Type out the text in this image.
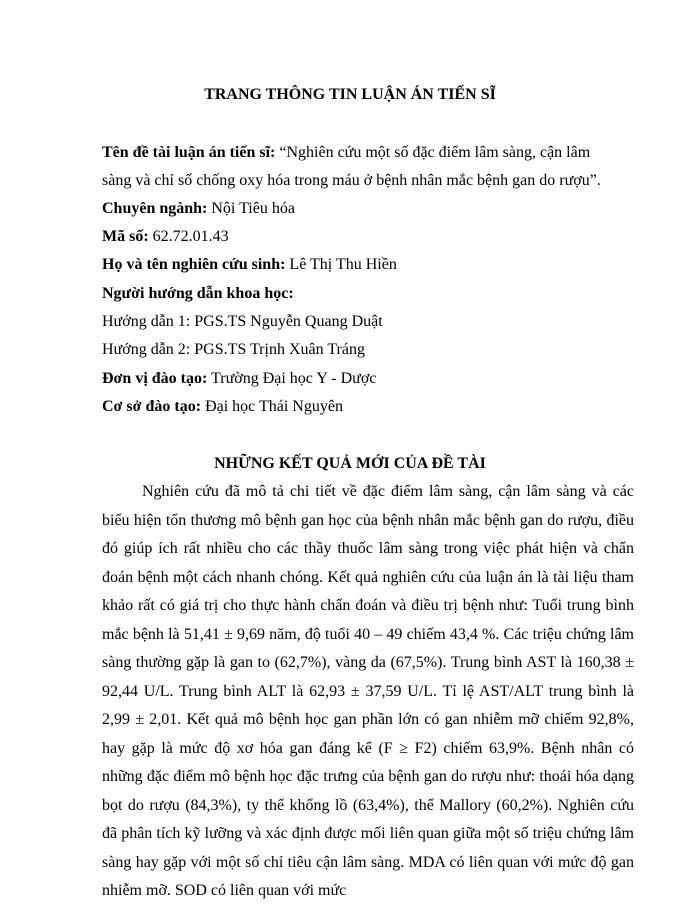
TRANG THÔNG TIN LUẬN ÁN TIẾN SĨ
Tên đề tài luận án tiến sĩ: “Nghiên cứu một số đặc điểm lâm sàng, cận lâm
sàng và chỉ số chống oxy hóa trong máu ở bệnh nhân mắc bệnh gan do rượu”.
Chuyên ngành: Nội Tiêu hóa
Mã số: 62.72.01.43
Họ và tên nghiên cứu sinh: Lê Thị Thu Hiền
Người hướng dẫn khoa học:
Hướng dẫn 1: PGS.TS Nguyễn Quang Duật
Hướng dẫn 2: PGS.TS Trịnh Xuân Tráng
Đơn vị đào tạo: Trường Đại học Y - Dược
Cơ sở đào tạo: Đại học Thái Nguyên
NHỮNG KẾT QUẢ MỚI CỦA ĐỀ TÀI
Nghiên cứu đã mô tả chi tiết về đặc điểm lâm sàng, cận lâm sàng và các biểu hiện tổn thương mô bệnh gan học của bệnh nhân mắc bệnh gan do rượu, điều đó giúp ích rất nhiều cho các thầy thuốc lâm sàng trong việc phát hiện và chẩn đoán bệnh một cách nhanh chóng. Kết quả nghiên cứu của luận án là tài liệu tham khảo rất có giá trị cho thực hành chẩn đoán và điều trị bệnh như: Tuổi trung bình mắc bệnh là 51,41 ± 9,69 năm, độ tuổi 40 – 49 chiếm 43,4 %. Các triệu chứng lâm sàng thường gặp là gan to (62,7%), vàng da (67,5%). Trung bình AST là 160,38 ± 92,44 U/L. Trung bình ALT là 62,93 ± 37,59 U/L. Tỉ lệ AST/ALT trung bình là 2,99 ± 2,01. Kết quả mô bệnh học gan phần lớn có gan nhiễm mỡ chiếm 92,8%, hay gặp là mức độ xơ hóa gan đáng kể (F ≥ F2) chiếm 63,9%. Bệnh nhân có những đặc điểm mô bệnh học đặc trưng của bệnh gan do rượu như: thoái hóa dạng bọt do rượu (84,3%), ty thể khổng lồ (63,4%), thể Mallory (60,2%). Nghiên cứu đã phân tích kỹ lưỡng và xác định được mối liên quan giữa một số triệu chứng lâm sàng hay gặp với một số chỉ tiêu cận lâm sàng. MDA có liên quan với mức độ gan nhiễm mỡ. SOD có liên quan với mức
